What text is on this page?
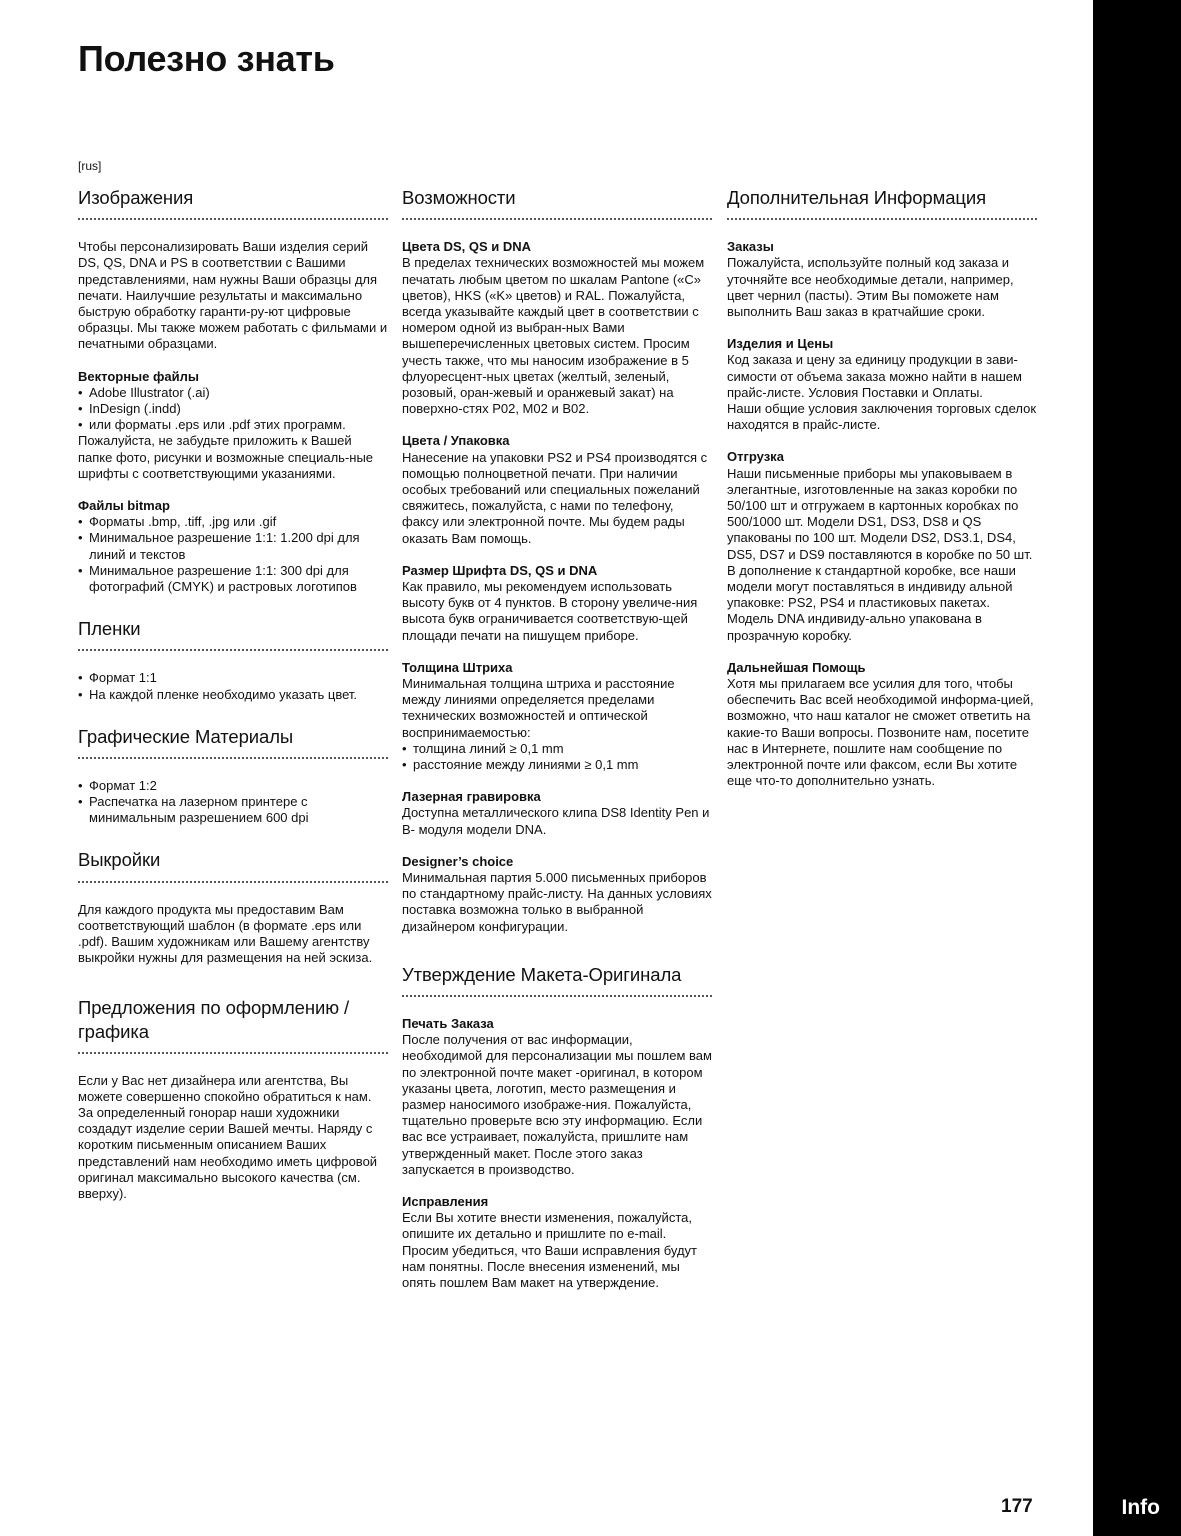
Info
Полезно знать
[rus]
Изображения

Чтобы персонализировать Ваши изделия серий DS, QS, DNA и PS в соответствии с Вашими представлениями, нам нужны Ваши образцы для печати. Наилучшие результаты и максимально быструю обработку гаранти-ру-ют цифровые образцы. Мы также можем работать с фильмами и печатными образцами.

Векторные файлы
• Adobe Illustrator (.ai)
• InDesign (.indd)
• или форматы .eps или .pdf этих программ.

Пожалуйста, не забудьте приложить к Вашей папке фото, рисунки и возможные специаль-ные шрифты с соответствующими указаниями.

Файлы bitmap
• Форматы .bmp, .tiff, .jpg или .gif
• Минимальное разрешение 1:1: 1.200 dpi для линий и текстов
• Минимальное разрешение 1:1: 300 dpi для фотографий (CMYK) и растровых логотипов
Пленки
• Формат 1:1
• На каждой пленке необходимо указать цвет.
Графические Материалы
• Формат 1:2
• Распечатка на лазерном принтере с минимальным разрешением 600 dpi
Выкройки

Для каждого продукта мы предоставим Вам соответствующий шаблон (в формате .eps или .pdf). Вашим художникам или Вашему агентству выкройки нужны для размещения на ней эскиза.

Предложения по оформлению / графика

Если у Вас нет дизайнера или агентства, Вы можете совершенно спокойно обратиться к нам. За определенный гонорар наши художники создадут изделие серии Вашей мечты. Наряду с коротким письменным описанием Ваших представлений нам необходимо иметь цифровой оригинал максимально высокого качества (см. вверху).

Возможности
Цвета DS, QS и DNA

В пределах технических возможностей мы можем печатать любым цветом по шкалам Pantone («C» цветов), HKS («K» цветов) и RAL. Пожалуйста, всегда указывайте каждый цвет в соответствии с номером одной из выбран-ных Вами вышеперечисленных цветовых систем. Просим учесть также, что мы наносим изображение в 5 флуоресцент-ных цветах (желтый, зеленый, розовый, оран-жевый и оранжевый закат) на поверхно-стях P02, M02 и B02.

Цвета / Упаковка

Нанесение на упаковки PS2 и PS4 производятся с помощью полноцветной печати. При наличии особых требований или специальных пожеланий свяжитесь, пожалуйста, с нами по телефону, факсу или электронной почте. Мы будем рады оказать Вам помощь.

Размер Шрифта DS, QS и DNA

Как правило, мы рекомендуем использовать высоту букв от 4 пунктов. В сторону увеличе-ния высота букв ограничивается соответствую-щей площади печати на пишущем приборе.

Толщина Штриха

Минимальная толщина штриха и расстояние между линиями определяется пределами технических возможностей и оптической воспринимаемостью:

• толщина линий ≥ 0,1 mm
• расстояние между линиями ≥ 0,1 mm
Лазерная гравировка

Доступна металлического клипа DS8 Identity Pen и B- модуля модели DNA.

Designer’s choice

Минимальная партия 5.000 письменных приборов по стандартному прайс-листу. На данных условиях поставка возможна только в выбранной дизайнером конфигурации.

Утверждение Макета-Оригинала
Печать Заказа

После получения от вас информации, необходимой для персонализации мы пошлем вам по электронной почте макет -оригинал, в котором указаны цвета, логотип, место размещения и размер наносимого изображе-ния. Пожалуйста, тщательно проверьте всю эту информацию. Если вас все устраивает, пожалуйста, пришлите нам утвержденный макет. После этого заказ запускается в производство.

Исправления

Если Вы хотите внести изменения, пожалуйста, опишите их детально и пришлите по e-mail. Просим убедиться, что Ваши исправления будут нам понятны. После внесения изменений, мы опять пошлем Вам макет на утверждение.

Дополнительная Информация
Заказы

Пожалуйста, используйте полный код заказа и уточняйте все необходимые детали, например, цвет чернил (пасты). Этим Вы поможете нам выполнить Ваш заказ в кратчайшие сроки.

Изделия и Цены

Код заказа и цену за единицу продукции в зави-симости от объема заказа можно найти в нашем прайс-листе. Условия Поставки и Оплаты.

Наши общие условия заключения торговых сделок находятся в прайс-листе.

Отгрузка

Наши письменные приборы мы упаковываем в элегантные, изготовленные на заказ коробки по 50/100 шт и отгружаем в картонных коробках по 500/1000 шт. Модели DS1, DS3, DS8 и QS упакованы по 100 шт. Модели DS2, DS3.1, DS4, DS5, DS7 и DS9 поставляются в коробке по 50 шт. В дополнение к стандартной коробке, все наши модели могут поставляться в индивиду альной упаковке: PS2, PS4 и пластиковых пакетах. Модель DNA индивиду-ально упакована в прозрачную коробку.

Дальнейшая Помощь

Хотя мы прилагаем все усилия для того, чтобы обеспечить Вас всей необходимой информа-цией, возможно, что наш каталог не сможет ответить на какие-то Ваши вопросы. Позвоните нам, посетите нас в Интернете, пошлите нам сообщение по электронной почте или факсом, если Вы хотите еще что-то дополнительно узнать.

177
